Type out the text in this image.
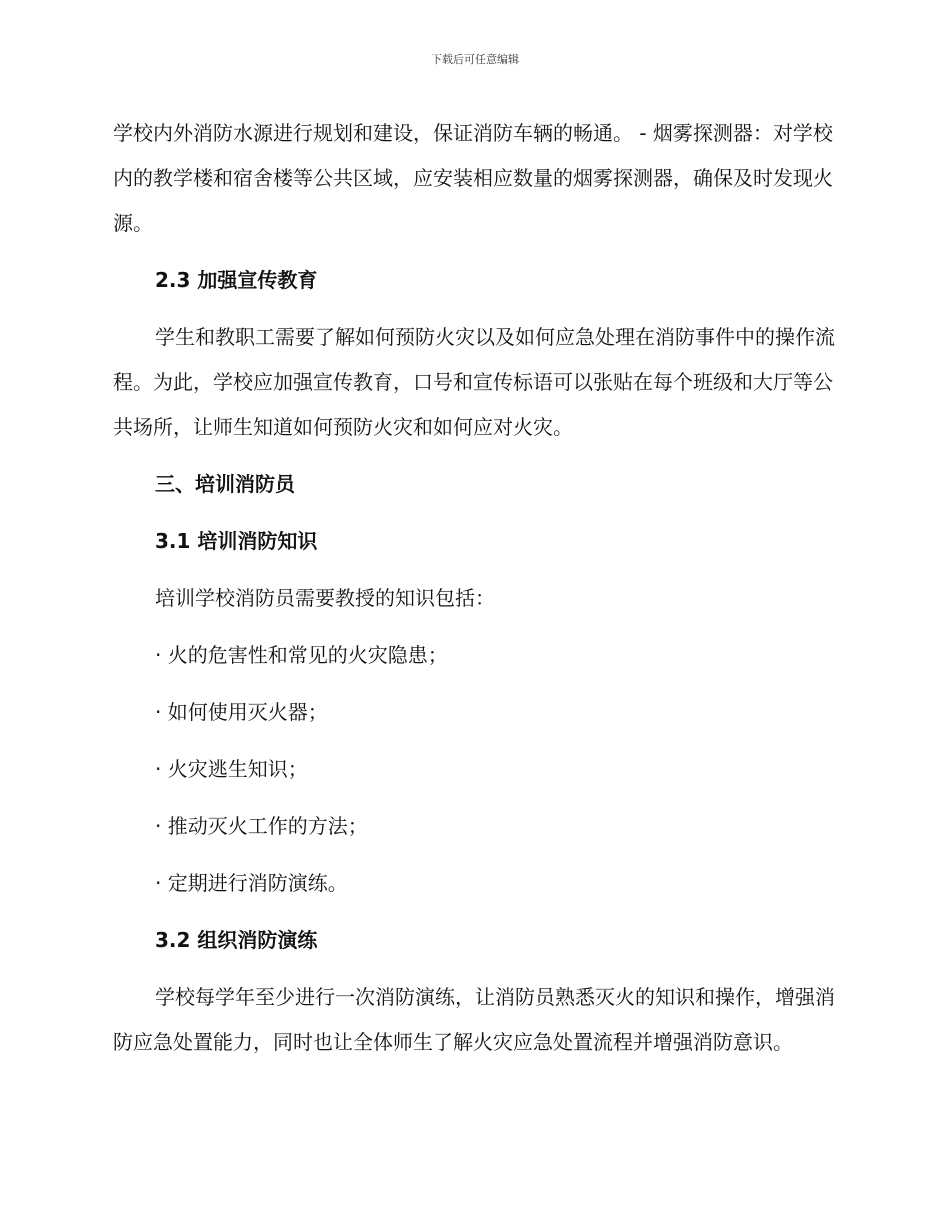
下载后可任意编辑

学校内外消防水源进行规划和建设，保证消防车辆的畅通。 - 烟雾探测器：对学校内的教学楼和宿舍楼等公共区域，应安装相应数量的烟雾探测器，确保及时发现火源。

2.3 加强宣传教育

学生和教职工需要了解如何预防火灾以及如何应急处理在消防事件中的操作流程。为此，学校应加强宣传教育，口号和宣传标语可以张贴在每个班级和大厅等公共场所，让师生知道如何预防火灾和如何应对火灾。

三、培训消防员
3.1 培训消防知识

培训学校消防员需要教授的知识包括：

· 火的危害性和常见的火灾隐患；
· 如何使用灭火器；
· 火灾逃生知识；
· 推动灭火工作的方法；
· 定期进行消防演练。
3.2 组织消防演练

学校每学年至少进行一次消防演练，让消防员熟悉灭火的知识和操作，增强消防应急处置能力，同时也让全体师生了解火灾应急处置流程并增强消防意识。
